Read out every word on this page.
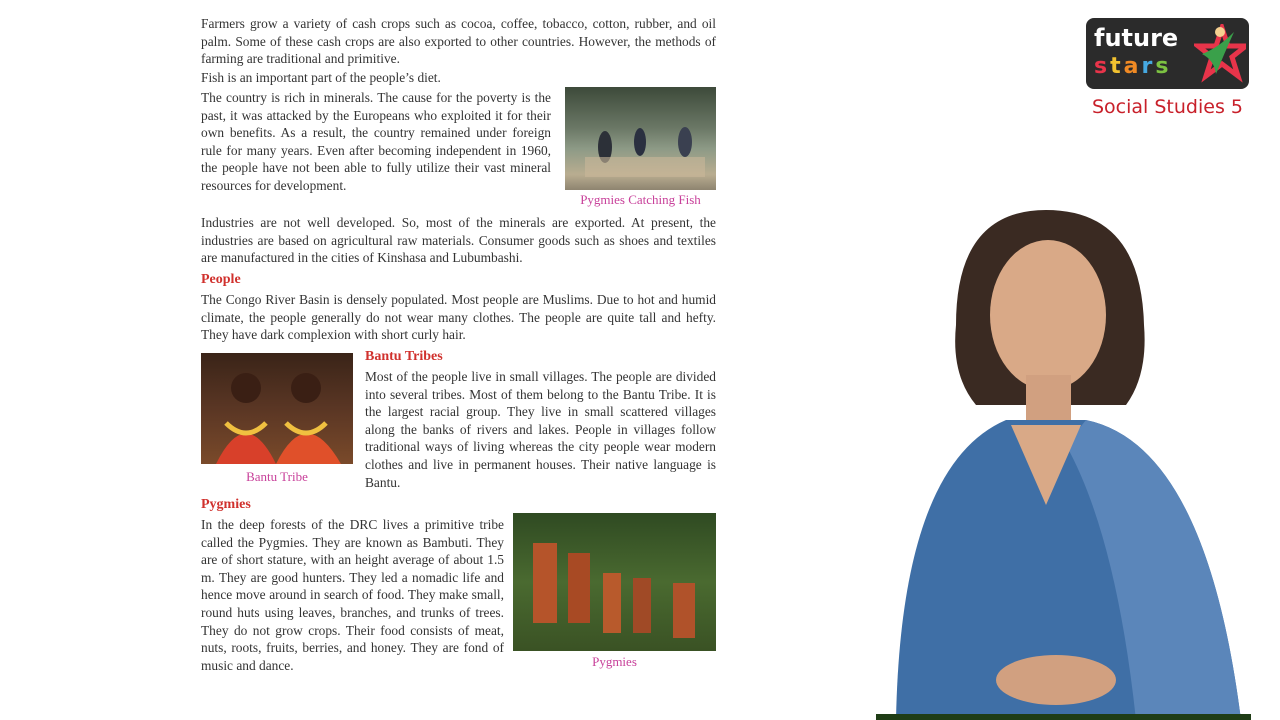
Farmers grow a variety of cash crops such as cocoa, coffee, tobacco, cotton, rubber, and oil palm. Some of these cash crops are also exported to other countries. However, the methods of farming are traditional and primitive.

Fish is an important part of the people’s diet.

The country is rich in minerals. The cause for the poverty is the past, it was attacked by the Europeans who exploited it for their own benefits. As a result, the country remained under foreign rule for many years. Even after becoming independent in 1960, the people have not been able to fully utilize their vast mineral resources for development.

Pygmies Catching Fish

Industries are not well developed. So, most of the minerals are exported. At present, the industries are based on agricultural raw materials. Consumer goods such as shoes and textiles are manufactured in the cities of Kinshasa and Lubumbashi.

People

The Congo River Basin is densely populated. Most people are Muslims. Due to hot and humid climate, the people generally do not wear many clothes. The people are quite tall and hefty. They have dark complexion with short curly hair.

Bantu Tribe
Bantu Tribes

Most of the people live in small villages. The people are divided into several tribes. Most of them belong to the Bantu Tribe. It is the largest racial group. They live in small scattered villages along the banks of rivers and lakes. People in villages follow traditional ways of living whereas the city people wear modern clothes and live in permanent houses. Their native language is Bantu.

Pygmies

In the deep forests of the DRC lives a primitive tribe called the Pygmies. They are known as Bambuti. They are of short stature, with an height average of about 1.5 m. They are good hunters. They led a nomadic life and hence move around in search of food. They make small, round huts using leaves, branches, and trunks of trees. They do not grow crops. Their food consists of meat, nuts, roots, fruits, berries, and honey. They are fond of music and dance.	Pygmies
future
stars
Social Studies 5
